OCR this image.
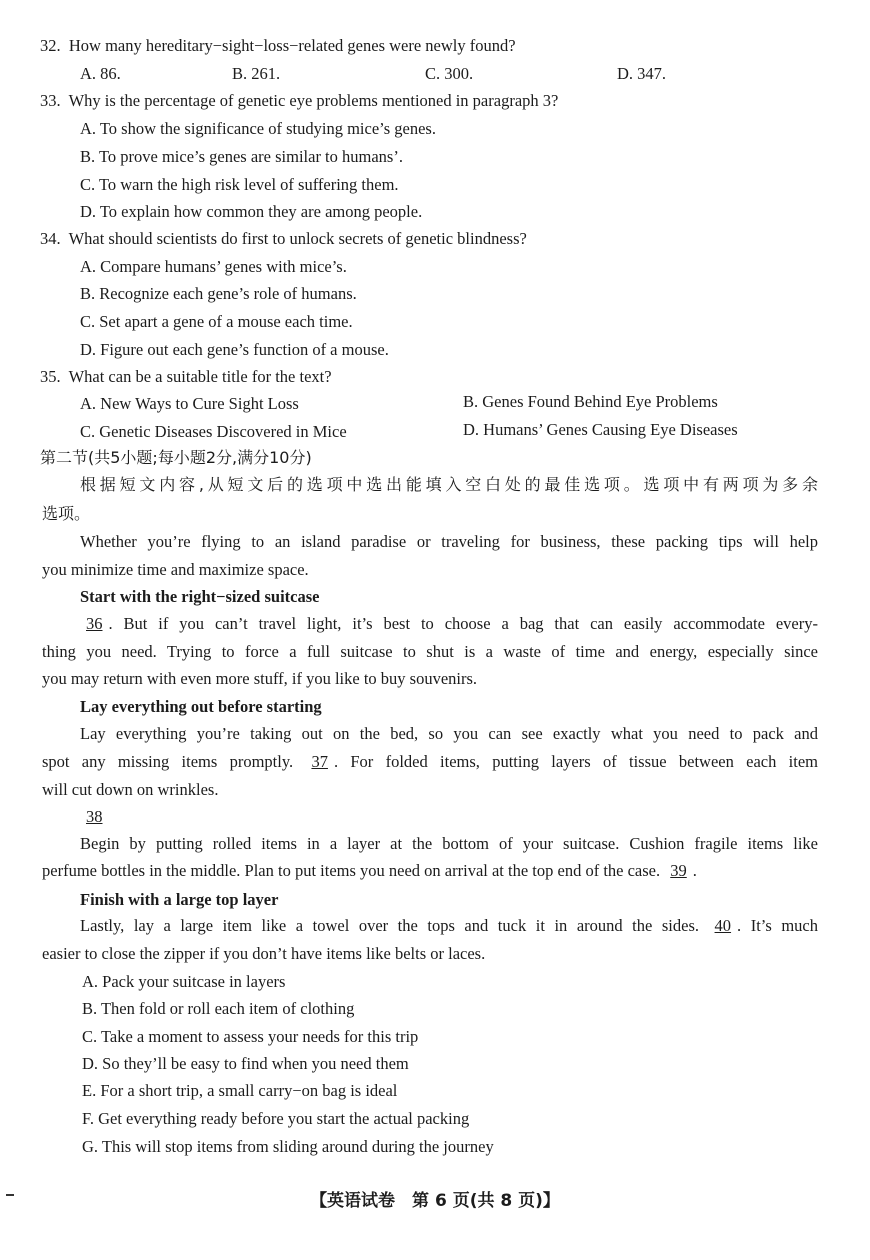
32. How many hereditary−sight−loss−related genes were newly found?
A. 86.	B. 261.	C. 300.	D. 347.
33. Why is the percentage of genetic eye problems mentioned in paragraph 3?
A. To show the significance of studying mice’s genes.
B. To prove mice’s genes are similar to humans’.
C. To warn the high risk level of suffering them.
D. To explain how common they are among people.
34. What should scientists do first to unlock secrets of genetic blindness?
A. Compare humans’ genes with mice’s.
B. Recognize each gene’s role of humans.
C. Set apart a gene of a mouse each time.
D. Figure out each gene’s function of a mouse.
35. What can be a suitable title for the text?
A. New Ways to Cure Sight Loss	B. Genes Found Behind Eye Problems
C. Genetic Diseases Discovered in Mice	D. Humans’ Genes Causing Eye Diseases
第二节(共5小题;每小题2分,满分10分)
根据短文内容,从短文后的选项中选出能填入空白处的最佳选项。选项中有两项为多余
选项。
Whether you’re flying to an island paradise or traveling for business, these packing tips will help
you minimize time and maximize space.
Start with the right−sized suitcase
36 . But if you can’t travel light, it’s best to choose a bag that can easily accommodate every-
thing you need. Trying to force a full suitcase to shut is a waste of time and energy, especially since
you may return with even more stuff, if you like to buy souvenirs.
Lay everything out before starting
Lay everything you’re taking out on the bed, so you can see exactly what you need to pack and
spot any missing items promptly. 37 . For folded items, putting layers of tissue between each item
will cut down on wrinkles.
38
Begin by putting rolled items in a layer at the bottom of your suitcase. Cushion fragile items like
perfume bottles in the middle. Plan to put items you need on arrival at the top end of the case. 39 .
Finish with a large top layer
Lastly, lay a large item like a towel over the tops and tuck it in around the sides. 40 . It’s much
easier to close the zipper if you don’t have items like belts or laces.
A. Pack your suitcase in layers
B. Then fold or roll each item of clothing
C. Take a moment to assess your needs for this trip
D. So they’ll be easy to find when you need them
E. For a short trip, a small carry−on bag is ideal
F. Get everything ready before you start the actual packing
G. This will stop items from sliding around during the journey
【英语试卷　第 6 页(共 8 页)】
